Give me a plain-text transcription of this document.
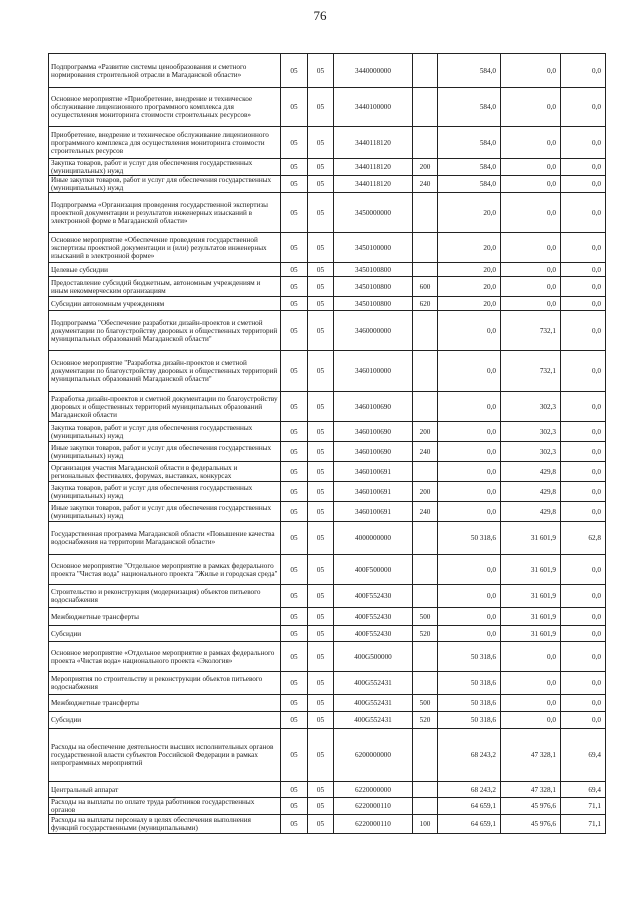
76
Подпрограмма «Развитие системы ценообразования и сметного нормирования строительной отрасли в Магаданской области»	05	05	3440000000		584,0	0,0	0,0
Основное мероприятие «Приобретение, внедрение и техническое обслуживание лицензионного программного комплекса для осуществления мониторинга стоимости строительных ресурсов»	05	05	3440100000		584,0	0,0	0,0
Приобретение, внедрение и техническое обслуживание лицензионного программного комплекса для осуществления мониторинга стоимости строительных ресурсов	05	05	3440118120		584,0	0,0	0,0
Закупка товаров, работ и услуг для обеспечения государственных (муниципальных) нужд	05	05	3440118120	200	584,0	0,0	0,0
Иные закупки товаров, работ и услуг для обеспечения государственных (муниципальных) нужд	05	05	3440118120	240	584,0	0,0	0,0
Подпрограмма «Организация проведения государственной экспертизы проектной документации и результатов инженерных изысканий в электронной форме в Магаданской области»	05	05	3450000000		20,0	0,0	0,0
Основное мероприятие «Обеспечение проведения государственной экспертизы проектной документации и (или) результатов инженерных изысканий в электронной форме»	05	05	3450100000		20,0	0,0	0,0
Целевые субсидии	05	05	3450100800		20,0	0,0	0,0
Предоставление субсидий бюджетным, автономным учреждениям и иным некоммерческим организациям	05	05	3450100800	600	20,0	0,0	0,0
Субсидии автономным учреждениям	05	05	3450100800	620	20,0	0,0	0,0
Подпрограмма "Обеспечение разработки дизайн-проектов и сметной документации по благоустройству дворовых и общественных территорий муниципальных образований Магаданской области"	05	05	3460000000		0,0	732,1	0,0
Основное мероприятие "Разработка дизайн-проектов и сметной документации по благоустройству дворовых и общественных территорий муниципальных образований Магаданской области"	05	05	3460100000		0,0	732,1	0,0
Разработка дизайн-проектов и сметной документации по благоустройству дворовых и общественных территорий муниципальных образований Магаданской области	05	05	3460100690		0,0	302,3	0,0
Закупка товаров, работ и услуг для обеспечения государственных (муниципальных) нужд	05	05	3460100690	200	0,0	302,3	0,0
Иные закупки товаров, работ и услуг для обеспечения государственных (муниципальных) нужд	05	05	3460100690	240	0,0	302,3	0,0
Организация участия Магаданской области в федеральных и региональных фестивалях, форумах, выставках, конкурсах	05	05	3460100691		0,0	429,8	0,0
Закупка товаров, работ и услуг для обеспечения государственных (муниципальных) нужд	05	05	3460100691	200	0,0	429,8	0,0
Иные закупки товаров, работ и услуг для обеспечения государственных (муниципальных) нужд	05	05	3460100691	240	0,0	429,8	0,0
Государственная программа Магаданской области «Повышение качества водоснабжения на территории Магаданской области»	05	05	4000000000		50 318,6	31 601,9	62,8
Основное мероприятие "Отдельное мероприятие в рамках федерального проекта "Чистая вода" национального проекта "Жилье и городская среда"	05	05	400F500000		0,0	31 601,9	0,0
Строительство и реконструкция (модернизация) объектов питьевого водоснабжения	05	05	400F552430		0,0	31 601,9	0,0
Межбюджетные трансферты	05	05	400F552430	500	0,0	31 601,9	0,0
Субсидии	05	05	400F552430	520	0,0	31 601,9	0,0
Основное мероприятие «Отдельное мероприятие в рамках федерального проекта «Чистая вода» национального проекта «Экология»	05	05	400G500000		50 318,6	0,0	0,0
Мероприятия по строительству и реконструкции объектов питьевого водоснабжения	05	05	400G552431		50 318,6	0,0	0,0
Межбюджетные трансферты	05	05	400G552431	500	50 318,6	0,0	0,0
Субсидии	05	05	400G552431	520	50 318,6	0,0	0,0
Расходы на обеспечение деятельности высших исполнительных органов государственной власти субъектов Российской Федерации в рамках непрограммных мероприятий	05	05	6200000000		68 243,2	47 328,1	69,4
Центральный аппарат	05	05	6220000000		68 243,2	47 328,1	69,4
Расходы на выплаты по оплате труда работников государственных органов	05	05	6220000110		64 659,1	45 976,6	71,1
Расходы на выплаты персоналу в целях обеспечения выполнения функций государственными (муниципальными)	05	05	6220000110	100	64 659,1	45 976,6	71,1
